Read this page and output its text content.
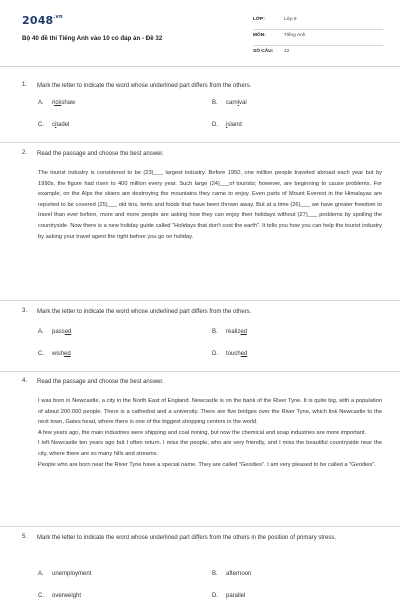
$2048^{.vn}$
Bộ 40 đề thi Tiếng Anh vào 10 có đáp án - Đề 32
LỚP:	Lớp 9
MÔN:	Tiếng Anh
SỐ CÂU: 42
1. Mark the letter to indicate the word whose underlined part differs from the others.
A. rickshaw	B. carnival
C. citadel	D. island
2. Read the passage and choose the best answer.

The tourist industry is considered to be (23)___ largest industry. Before 1950, one million people traveled abroad each year but by 1990s, the figure had risen to 400 million every year. Such large (24)___of tourists; however, are beginning to cause problems. For example, on the Alps the skiers are destroying the mountains they came to enjoy. Even parts of Mount Everest in the Himalayas are reported to be covered (25)___ old tins, tents and foods that have been thrown away. But at a time (26)___ we have greater freedom to travel than ever before, more and more people are asking how they can enjoy their holidays without (27)___ problems by spoiling the countryside. Now there is a new holiday guide called "Holidays that don't cost the earth". It tells you how you can help the tourist industry by asking your travel agent the right before you go on holiday.

3. Mark the letter to indicate the word whose underlined part differs from the others.
A. passed	B. realized
C. wished	D. touched
4. Read the passage and choose the best answer.

I was born in Newcastle, a city in the North East of England. Newcastle is on the bank of the River Tyne. It is quite big, with a population of about 200.000 people. There is a cathedral and a university. There are five bridges over the River Tyne, which link Newcastle to the next town, Gates head, where there is one of the biggest shopping centers in the world.

A few years ago, the main industries were shipping and coal mining, but now the chemical and soap industries are more important.

I left Newcastle ten years ago but I often return. I miss the people, who are very friendly, and I miss the beautiful countryside near the city, where there are so many hills and streams.

People who are born near the River Tyne have a special name. They are called "Geodies". I am very pleased to be called a "Geodies".

5. Mark the letter to indicate the word whose underlined part differs from the others in the position of primary stress.
A. unemployment	B. afternoon
C. overweight	D. parallel
